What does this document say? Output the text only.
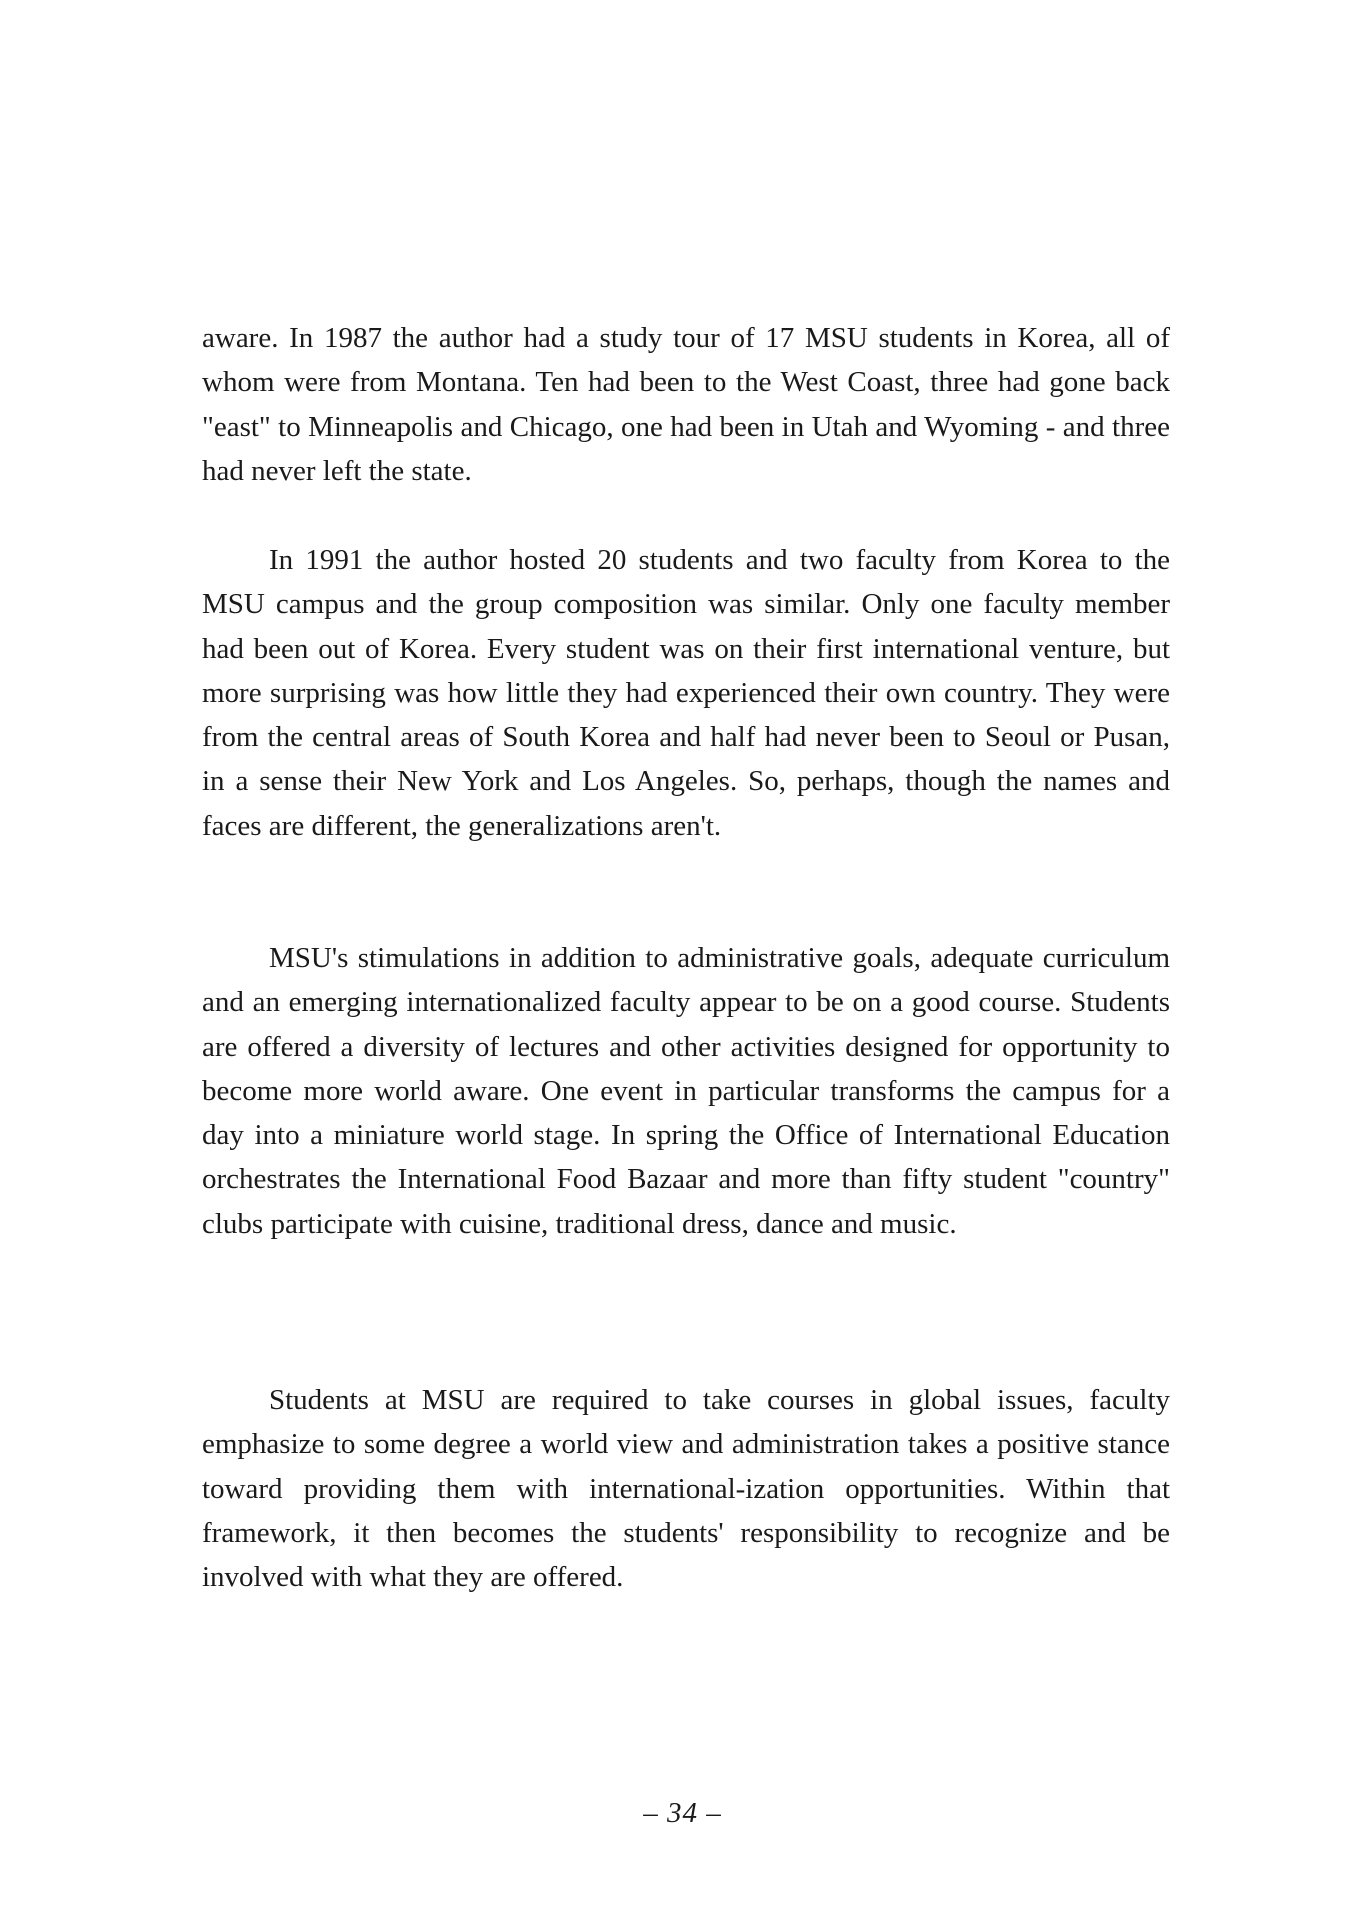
aware. In 1987 the author had a study tour of 17 MSU students in Korea, all of whom were from Montana. Ten had been to the West Coast, three had gone back "east" to Minneapolis and Chicago, one had been in Utah and Wyoming - and three had never left the state.

In 1991 the author hosted 20 students and two faculty from Korea to the MSU campus and the group composition was similar. Only one faculty member had been out of Korea. Every student was on their first international venture, but more surprising was how little they had experienced their own country. They were from the central areas of South Korea and half had never been to Seoul or Pusan, in a sense their New York and Los Angeles. So, perhaps, though the names and faces are different, the generalizations aren't.

MSU's stimulations in addition to administrative goals, adequate curriculum and an emerging internationalized faculty appear to be on a good course. Students are offered a diversity of lectures and other activities designed for opportunity to become more world aware. One event in particular transforms the campus for a day into a miniature world stage. In spring the Office of International Education orchestrates the International Food Bazaar and more than fifty student "country" clubs participate with cuisine, traditional dress, dance and music.

Students at MSU are required to take courses in global issues, faculty emphasize to some degree a world view and administration takes a positive stance toward providing them with international-ization opportunities. Within that framework, it then becomes the students' responsibility to recognize and be involved with what they are offered.

– 34 –
